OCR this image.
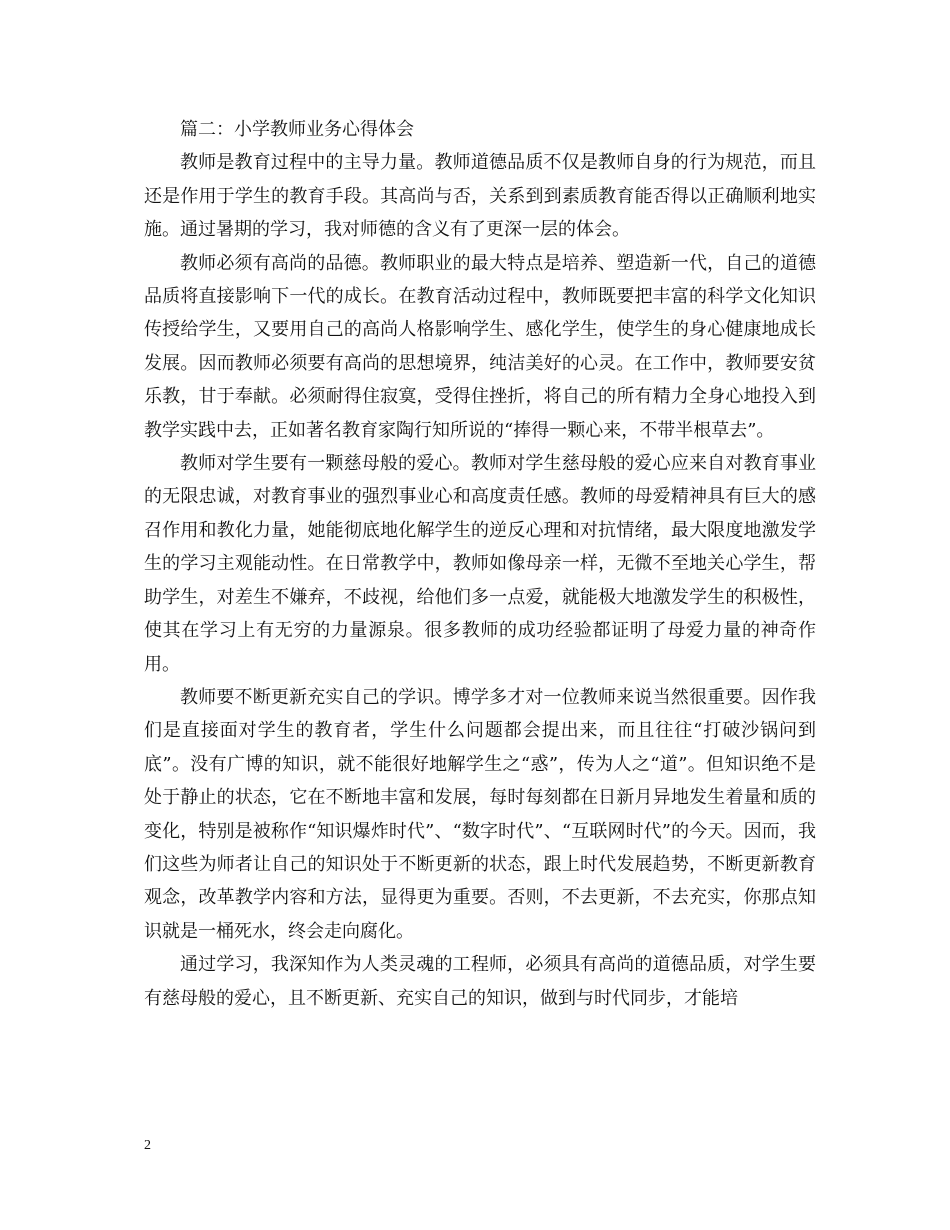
篇二：小学教师业务心得体会

教师是教育过程中的主导力量。教师道德品质不仅是教师自身的行为规范，而且还是作用于学生的教育手段。其高尚与否，关系到到素质教育能否得以正确顺利地实施。通过暑期的学习，我对师德的含义有了更深一层的体会。

教师必须有高尚的品德。教师职业的最大特点是培养、塑造新一代，自己的道德品质将直接影响下一代的成长。在教育活动过程中，教师既要把丰富的科学文化知识传授给学生，又要用自己的高尚人格影响学生、感化学生，使学生的身心健康地成长发展。因而教师必须要有高尚的思想境界，纯洁美好的心灵。在工作中，教师要安贫乐教，甘于奉献。必须耐得住寂寞，受得住挫折，将自己的所有精力全身心地投入到教学实践中去，正如著名教育家陶行知所说的“捧得一颗心来，不带半根草去”。

教师对学生要有一颗慈母般的爱心。教师对学生慈母般的爱心应来自对教育事业的无限忠诚，对教育事业的强烈事业心和高度责任感。教师的母爱精神具有巨大的感召作用和教化力量，她能彻底地化解学生的逆反心理和对抗情绪，最大限度地激发学生的学习主观能动性。在日常教学中，教师如像母亲一样，无微不至地关心学生，帮助学生，对差生不嫌弃，不歧视，给他们多一点爱，就能极大地激发学生的积极性，使其在学习上有无穷的力量源泉。很多教师的成功经验都证明了母爱力量的神奇作用。

教师要不断更新充实自己的学识。博学多才对一位教师来说当然很重要。因作我们是直接面对学生的教育者，学生什么问题都会提出来，而且往往“打破沙锅问到底”。没有广博的知识，就不能很好地解学生之“惑”，传为人之“道”。但知识绝不是处于静止的状态，它在不断地丰富和发展，每时每刻都在日新月异地发生着量和质的变化，特别是被称作“知识爆炸时代”、“数字时代”、“互联网时代”的今天。因而，我们这些为师者让自己的知识处于不断更新的状态，跟上时代发展趋势，不断更新教育观念，改革教学内容和方法，显得更为重要。否则，不去更新，不去充实，你那点知识就是一桶死水，终会走向腐化。

通过学习，我深知作为人类灵魂的工程师，必须具有高尚的道德品质，对学生要有慈母般的爱心，且不断更新、充实自己的知识，做到与时代同步，才能培

2
